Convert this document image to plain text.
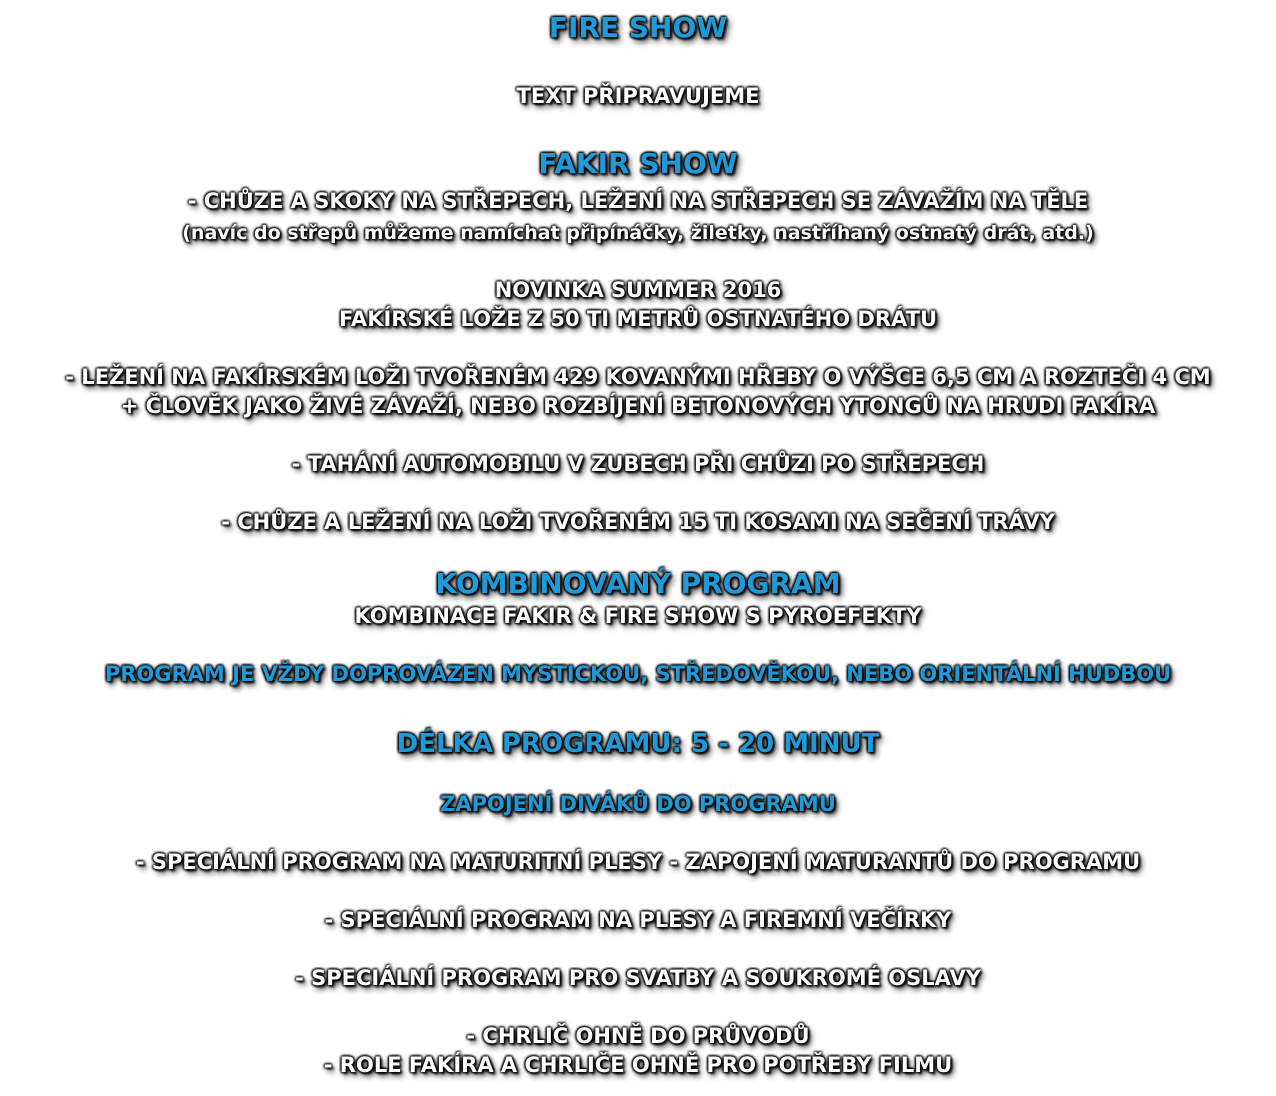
FIRE SHOW
TEXT PŘIPRAVUJEME
FAKIR SHOW
- CHŮZE A SKOKY NA STŘEPECH, LEŽENÍ NA STŘEPECH SE ZÁVAŽÍM NA TĚLE
(navíc do střepů můžeme namíchat připínáčky, žiletky, nastříhaný ostnatý drát, atd.)
NOVINKA SUMMER 2016
FAKÍRSKÉ LOŽE Z 50 TI METRŮ OSTNATÉHO DRÁTU
- LEŽENÍ NA FAKÍRSKÉM LOŽI TVOŘENÉM 429 KOVANÝMI HŘEBY O VÝŠCE 6,5 CM A ROZTEČI 4 CM
+ ČLOVĚK JAKO ŽIVÉ ZÁVAŽÍ, NEBO ROZBÍJENÍ BETONOVÝCH YTONGŮ NA HRUDI FAKÍRA
- TAHÁNÍ AUTOMOBILU V ZUBECH PŘI CHŮZI PO STŘEPECH
- CHŮZE A LEŽENÍ NA LOŽI TVOŘENÉM 15 TI KOSAMI NA SEČENÍ TRÁVY
KOMBINOVANÝ PROGRAM
KOMBINACE FAKIR & FIRE SHOW S PYROEFEKTY
PROGRAM JE VŽDY DOPROVÁZEN MYSTICKOU, STŘEDOVĚKOU, NEBO ORIENTÁLNÍ HUDBOU
DÉLKA PROGRAMU: 5 - 20 MINUT
ZAPOJENÍ DIVÁKŮ DO PROGRAMU
- SPECIÁLNÍ PROGRAM NA MATURITNÍ PLESY - ZAPOJENÍ MATURANTŮ DO PROGRAMU
- SPECIÁLNÍ PROGRAM NA PLESY A FIREMNÍ VEČÍRKY
- SPECIÁLNÍ PROGRAM PRO SVATBY A SOUKROMÉ OSLAVY
- CHRLIČ OHNĚ DO PRŮVODŮ
- ROLE FAKÍRA A CHRLIČE OHNĚ PRO POTŘEBY FILMU
